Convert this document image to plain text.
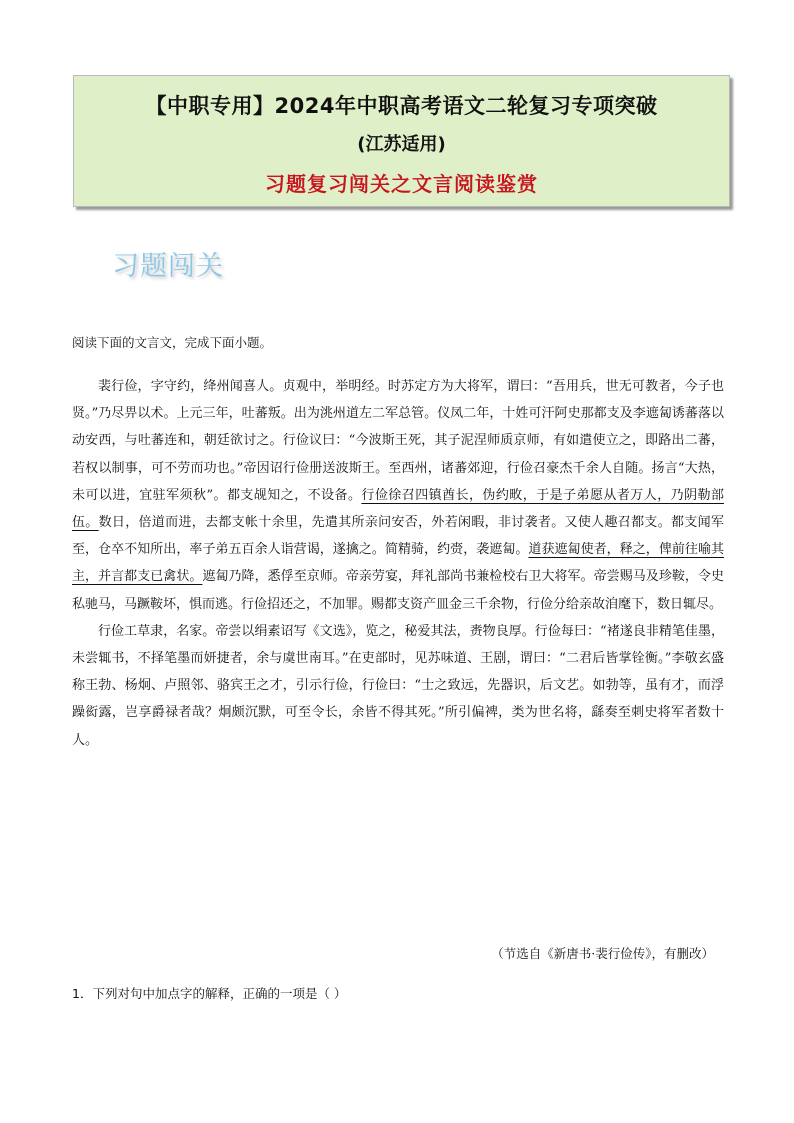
【中职专用】2024年中职高考语文二轮复习专项突破
(江苏适用)
习题复习闯关之文言阅读鉴赏
习题闯关
阅读下面的文言文，完成下面小题。

裴行俭，字守约，绛州闻喜人。贞观中，举明经。时苏定方为大将军，谓曰：“吾用兵，世无可教者，今子也贤。”乃尽畀以术。上元三年，吐蕃叛。出为洮州道左二军总管。仪凤二年，十姓可汗阿史那都支及李遮匐诱蕃落以动安西，与吐蕃连和，朝廷欲讨之。行俭议曰：“今波斯王死，其子泥涅师质京师，有如遣使立之，即路出二蕃，若权以制事，可不劳而功也。”帝因诏行俭册送波斯王。至西州，诸蕃郊迎，行俭召豪杰千余人自随。扬言“大热，未可以进，宜驻军须秋”。都支觇知之，不设备。行俭徐召四镇酋长，伪约畋，于是子弟愿从者万人，乃阴勒部伍。数日，倍道而进，去都支帐十余里，先遣其所亲问安否，外若闲暇，非讨袭者。又使人趣召都支。都支闻军至，仓卒不知所出，率子弟五百余人诣营谒，遂擒之。简精骑，约赍，袭遮匐。道获遮匐使者，释之，俾前往喻其主，并言都支已禽状。遮匐乃降，悉俘至京师。帝亲劳宴，拜礼部尚书兼检校右卫大将军。帝尝赐马及珍鞍，令史私驰马，马蹶鞍坏，惧而逃。行俭招还之，不加罪。赐都支资产皿金三千余物，行俭分给亲故洎麾下，数日辄尽。

行俭工草隶，名家。帝尝以绢素诏写《文选》，览之，秘爱其法，赉物良厚。行俭每曰：“褚遂良非精笔佳墨，未尝辄书，不择笔墨而妍捷者，余与虞世南耳。”在吏部时，见苏味道、王剧，谓曰：“二君后皆掌铨衡。”李敬玄盛称王勃、杨炯、卢照邻、骆宾王之才，引示行俭，行俭曰：“士之致远，先器识，后文艺。如勃等，虽有才，而浮躁衒露，岂享爵禄者哉？炯颇沉默，可至令长，余皆不得其死。”所引偏裨，类为世名将，繇奏至刺史将军者数十人。

（节选自《新唐书·裴行俭传》，有删改）
1．下列对句中加点字的解释，正确的一项是（ ）
